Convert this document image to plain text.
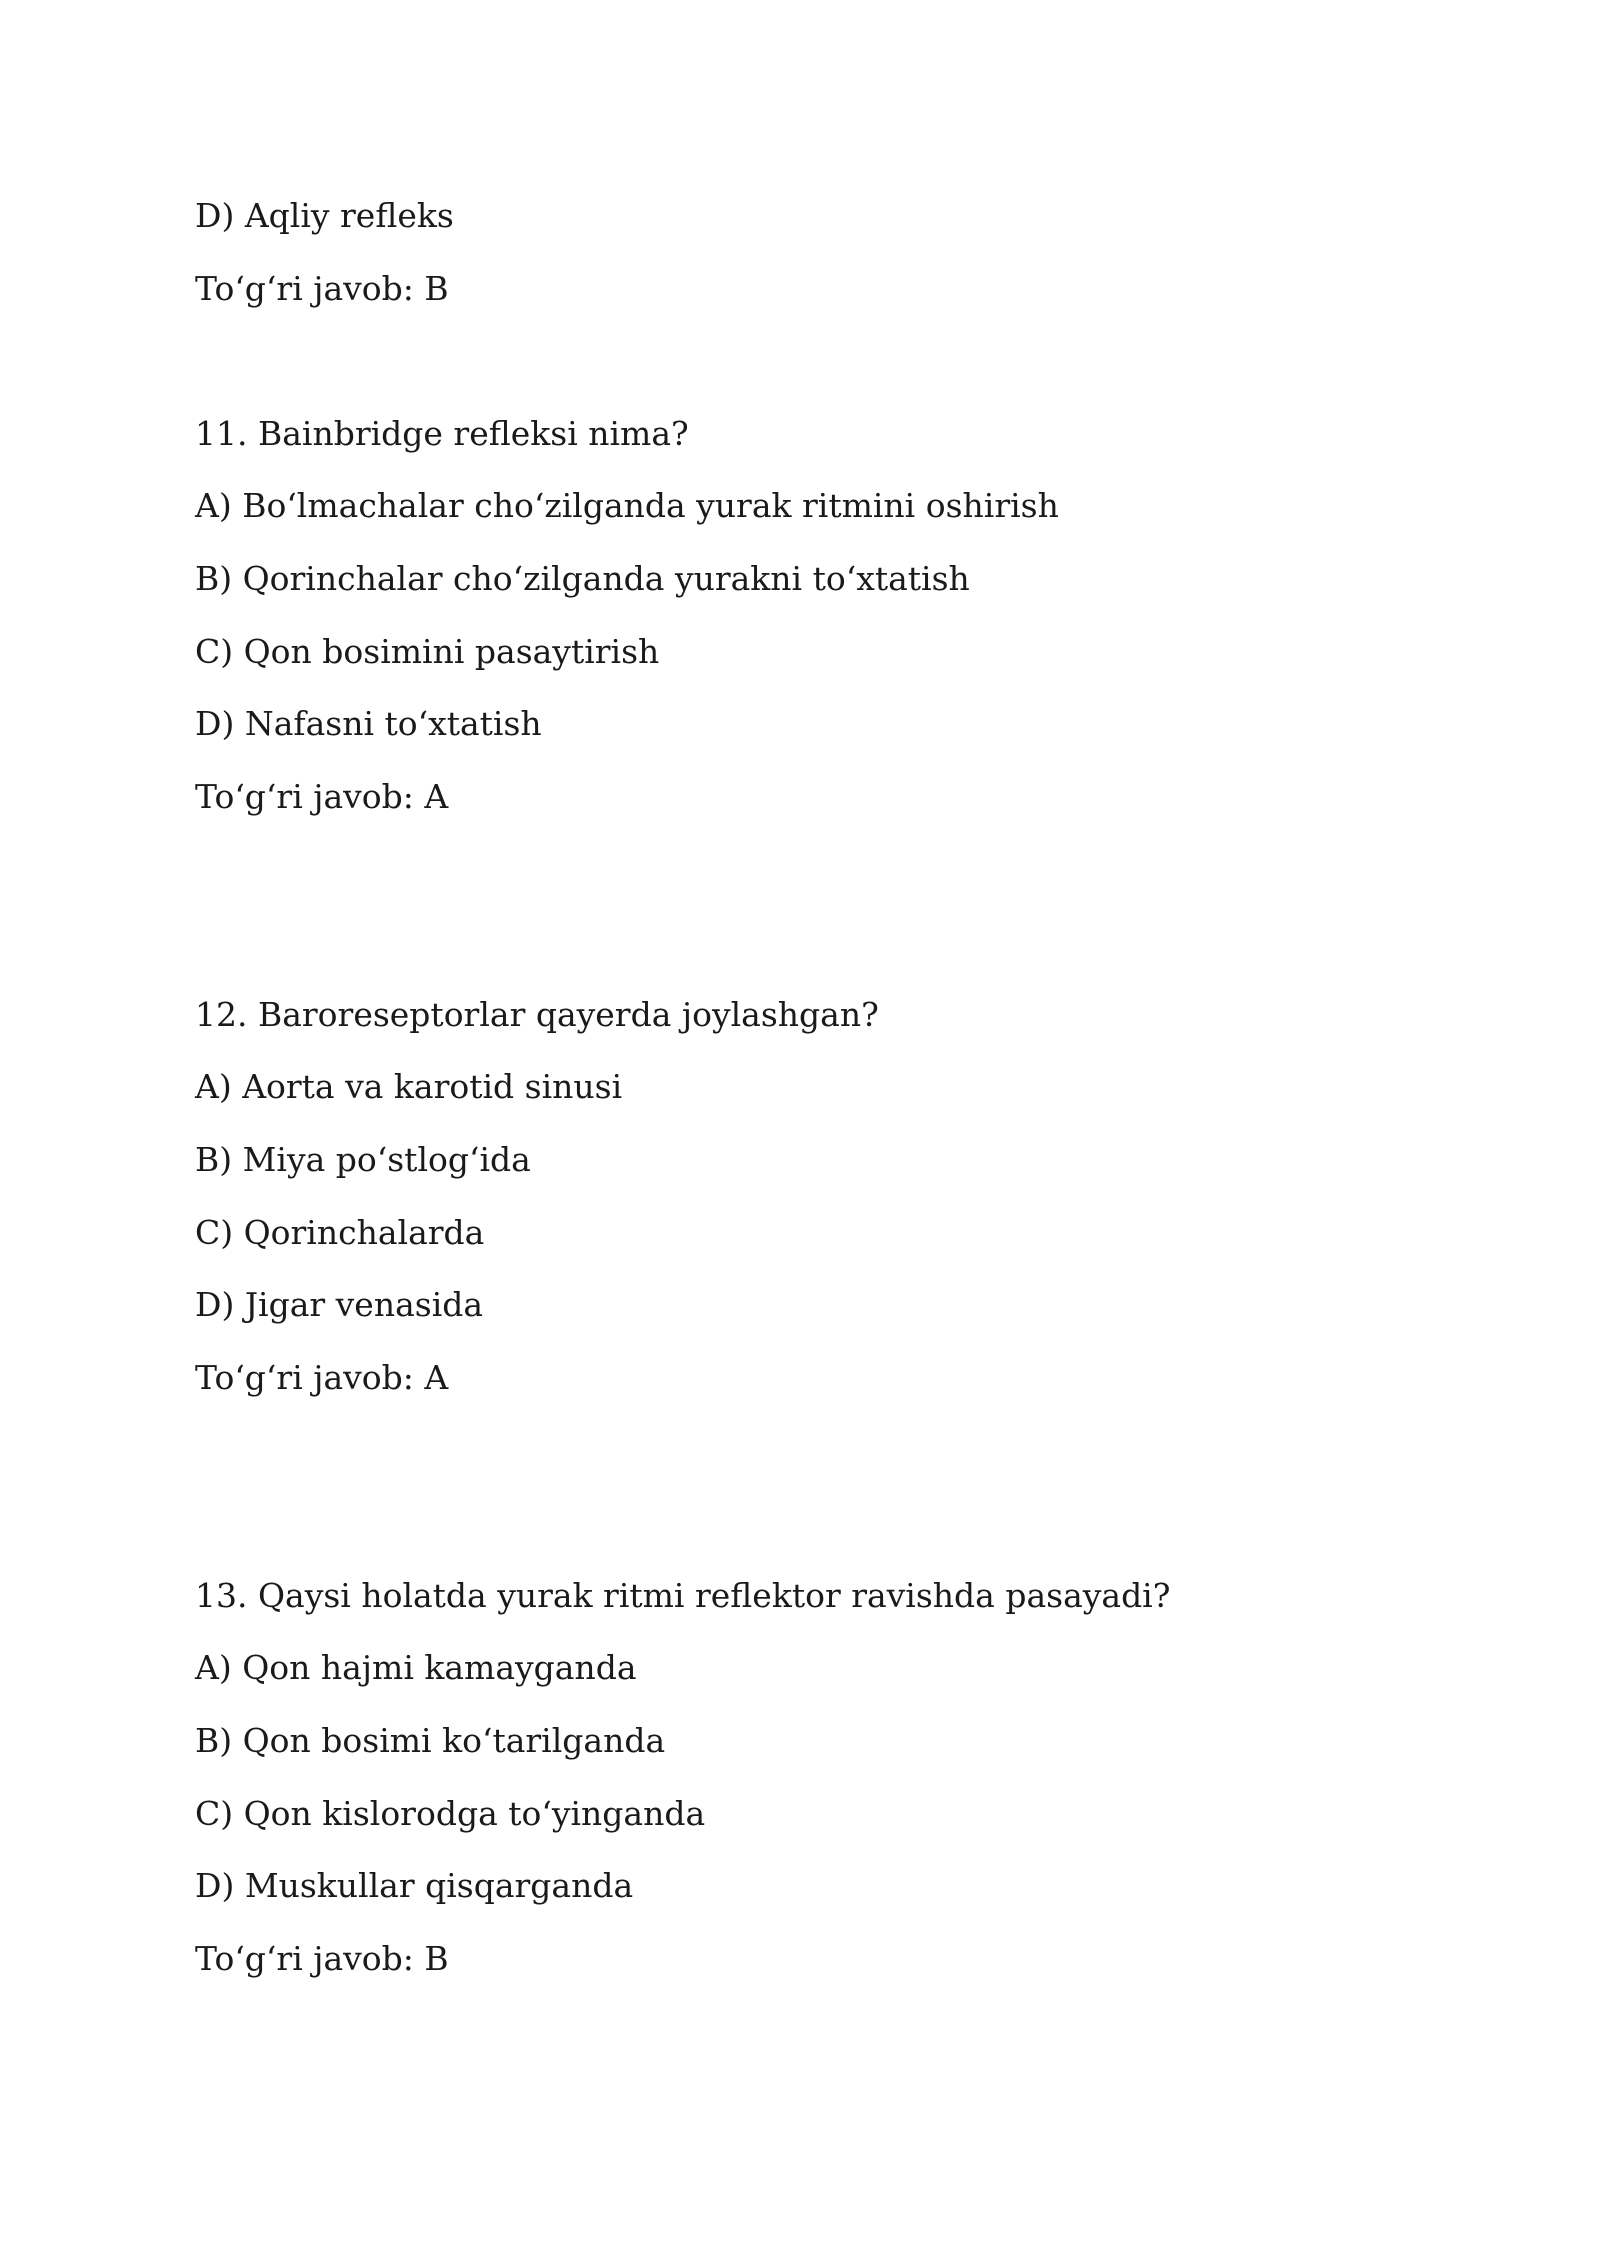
D) Aqliy refleks
To‘g‘ri javob: B
11. Bainbridge refleksi nima?
A) Bo‘lmachalar cho‘zilganda yurak ritmini oshirish
B) Qorinchalar cho‘zilganda yurakni to‘xtatish
C) Qon bosimini pasaytirish
D) Nafasni to‘xtatish
To‘g‘ri javob: A
12. Baroreseptorlar qayerda joylashgan?
A) Aorta va karotid sinusi
B) Miya po‘stlog‘ida
C) Qorinchalarda
D) Jigar venasida
To‘g‘ri javob: A
13. Qaysi holatda yurak ritmi reflektor ravishda pasayadi?
A) Qon hajmi kamayganda
B) Qon bosimi ko‘tarilganda
C) Qon kislorodga to‘yinganda
D) Muskullar qisqarganda
To‘g‘ri javob: B
